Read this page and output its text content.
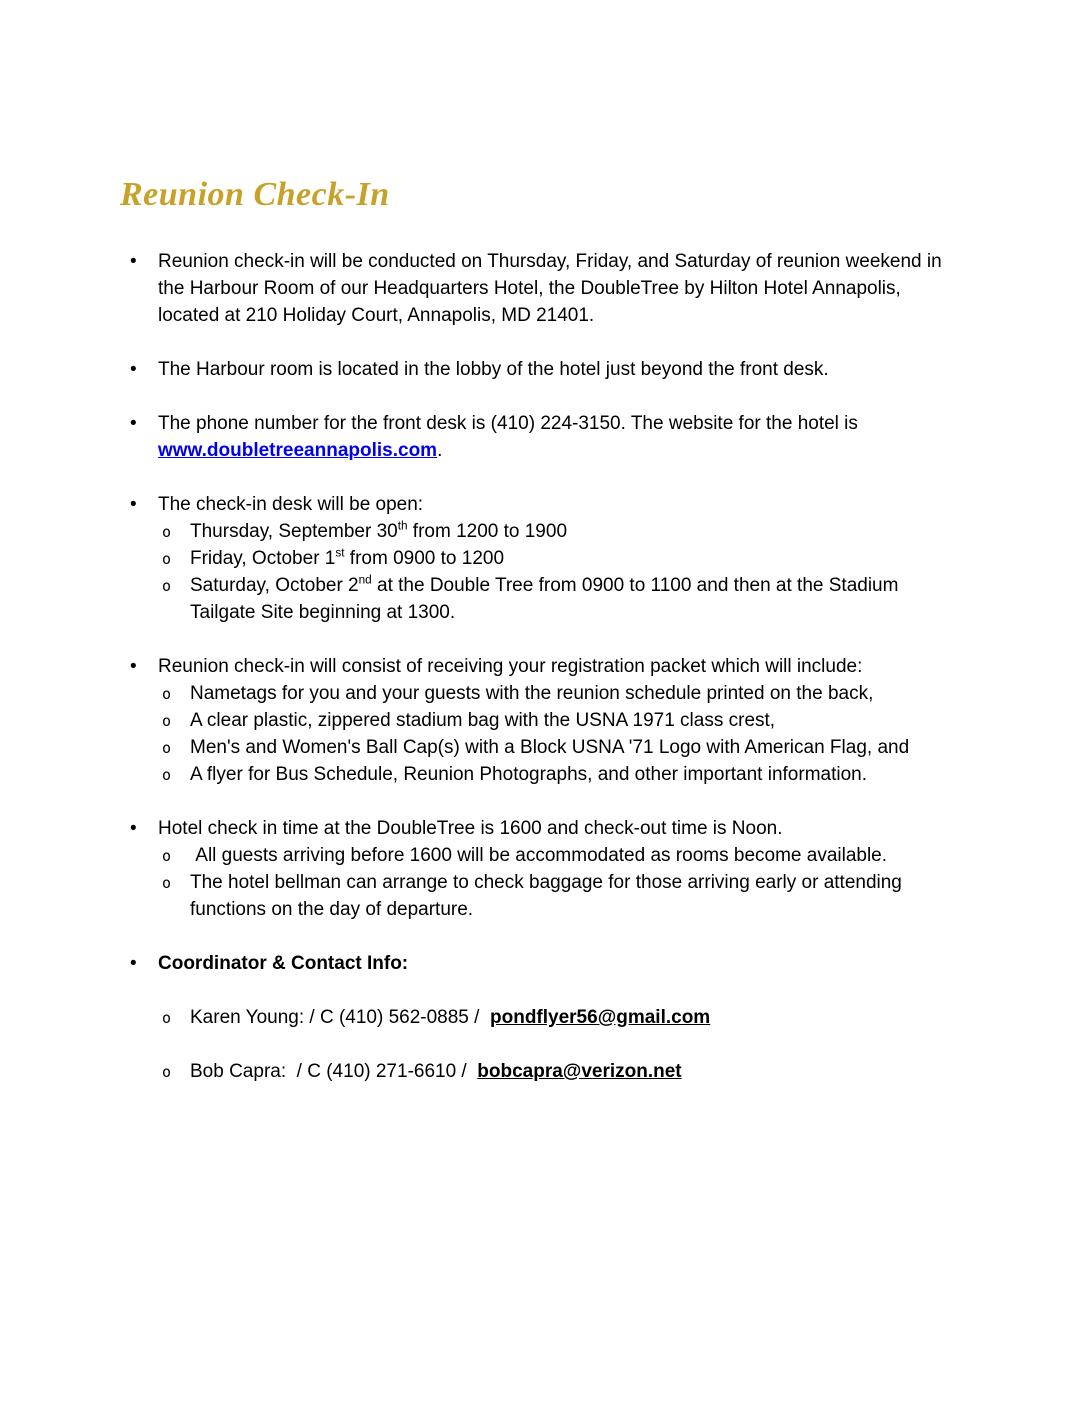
Reunion Check-In
• Reunion check-in will be conducted on Thursday, Friday, and Saturday of reunion weekend in the Harbour Room of our Headquarters Hotel, the DoubleTree by Hilton Hotel Annapolis, located at 210 Holiday Court, Annapolis, MD 21401.
• The Harbour room is located in the lobby of the hotel just beyond the front desk.
• The phone number for the front desk is (410) 224-3150. The website for the hotel is www.doubletreeannapolis.com.
• The check-in desk will be open:
o Thursday, September 30th from 1200 to 1900
o Friday, October 1st from 0900 to 1200
o Saturday, October 2nd at the Double Tree from 0900 to 1100 and then at the Stadium Tailgate Site beginning at 1300.
• Reunion check-in will consist of receiving your registration packet which will include:
o Nametags for you and your guests with the reunion schedule printed on the back,
o A clear plastic, zippered stadium bag with the USNA 1971 class crest,
o Men's and Women's Ball Cap(s) with a Block USNA '71 Logo with American Flag, and
o A flyer for Bus Schedule, Reunion Photographs, and other important information.
• Hotel check in time at the DoubleTree is 1600 and check-out time is Noon.
o All guests arriving before 1600 will be accommodated as rooms become available.
o The hotel bellman can arrange to check baggage for those arriving early or attending functions on the day of departure.
• Coordinator & Contact Info:
o Karen Young: / C (410) 562-0885 /  pondflyer56@gmail.com
o Bob Capra:  / C (410) 271-6610 /  bobcapra@verizon.net
